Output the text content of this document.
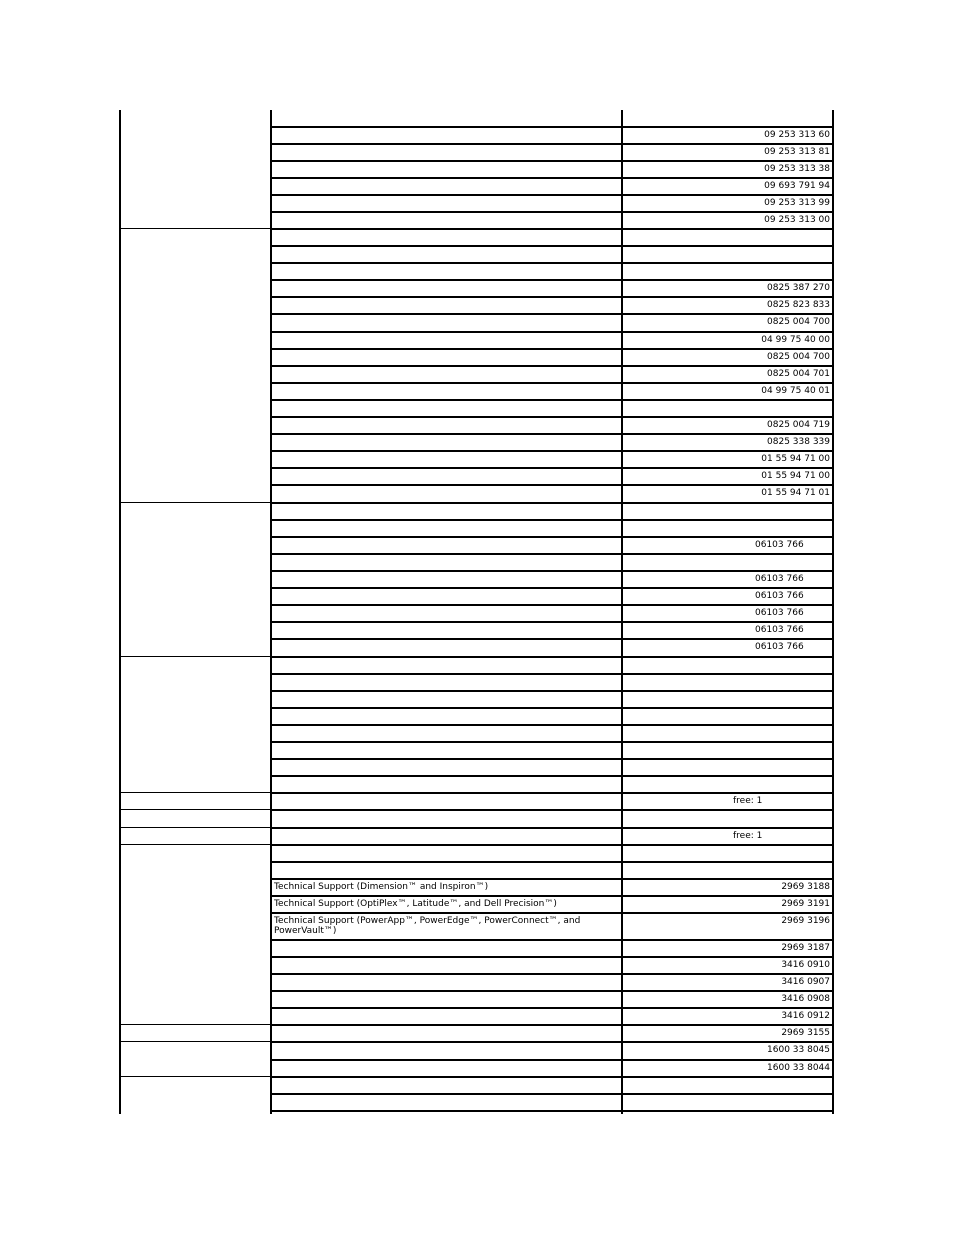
09 253 313 60
09 253 313 81
09 253 313 38
09 693 791 94
09 253 313 99
09 253 313 00
0825 387 270
0825 823 833
0825 004 700
04 99 75 40 00
0825 004 700
0825 004 701
04 99 75 40 01
0825 004 719
0825 338 339
01 55 94 71 00
01 55 94 71 00
01 55 94 71 01
06103 766
06103 766
06103 766
06103 766
06103 766
06103 766
free: 1
free: 1
Technical Support (Dimension™ and Inspiron™)	2969 3188
Technical Support (OptiPlex™, Latitude™, and Dell Precision™)	2969 3191
Technical Support (PowerApp™, PowerEdge™, PowerConnect™, and PowerVault™)
2969 3196
2969 3187
3416 0910
3416 0907
3416 0908
3416 0912
2969 3155
1600 33 8045
1600 33 8044
